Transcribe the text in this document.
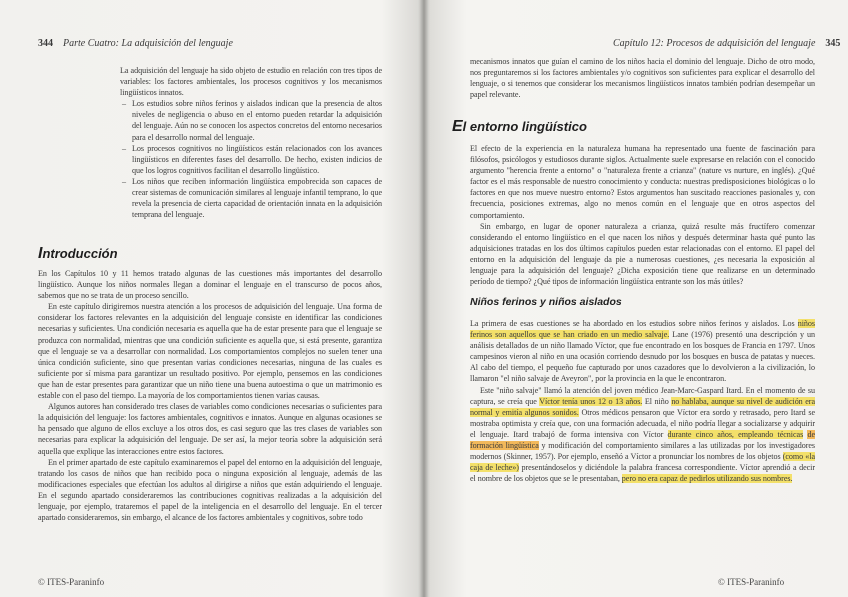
344 Parte Cuatro: La adquisición del lenguaje

La adquisición del lenguaje ha sido objeto de estudio en relación con tres tipos de variables: los factores ambientales, los procesos cognitivos y los mecanismos lingüísticos innatos.

– Los estudios sobre niños ferinos y aislados indican que la presencia de altos niveles de negligencia o abuso en el entorno pueden retardar la adquisición del lenguaje. Aún no se conocen los aspectos concretos del entorno necesarios para el desarrollo normal del lenguaje.
– Los procesos cognitivos no lingüísticos están relacionados con los avances lingüísticos en diferentes fases del desarrollo. De hecho, existen indicios de que los logros cognitivos facilitan el desarrollo lingüístico.
– Los niños que reciben información lingüística empobrecida son capaces de crear sistemas de comunicación similares al lenguaje infantil temprano, lo que revela la presencia de cierta capacidad de orientación innata en la adquisición temprana del lenguaje.
Introducción

En los Capítulos 10 y 11 hemos tratado algunas de las cuestiones más importantes del desarrollo lingüístico. Aunque los niños normales llegan a dominar el lenguaje en el transcurso de pocos años, sabemos que no se trata de un proceso sencillo.

En este capítulo dirigiremos nuestra atención a los procesos de adquisición del lenguaje. Una forma de considerar los factores relevantes en la adquisición del lenguaje consiste en identificar las condiciones necesarias y suficientes. Una condición necesaria es aquella que ha de estar presente para que el lenguaje se produzca con normalidad, mientras que una condición suficiente es aquella que, si está presente, garantiza que el lenguaje se va a desarrollar con normalidad. Los comportamientos complejos no suelen tener una única condición suficiente, sino que presentan varias condiciones necesarias, ninguna de las cuales es suficiente por sí misma para garantizar un resultado positivo. Por ejemplo, pensemos en las condiciones que han de estar presentes para garantizar que un niño tiene una buena autoestima o que un matrimonio es estable con el paso del tiempo. La mayoría de los comportamientos tienen varias causas.

Algunos autores han considerado tres clases de variables como condiciones necesarias o suficientes para la adquisición del lenguaje: los factores ambientales, cognitivos e innatos. Aunque en algunas ocasiones se ha pensado que alguno de ellos excluye a los otros dos, es casi seguro que las tres clases de variables son necesarias para explicar la adquisición del lenguaje. De ser así, la mejor teoría sobre la adquisición será aquella que explique las interacciones entre estos factores.

En el primer apartado de este capítulo examinaremos el papel del entorno en la adquisición del lenguaje, tratando los casos de niños que han recibido poca o ninguna exposición al lenguaje, además de las modificaciones especiales que efectúan los adultos al dirigirse a niños que están adquiriendo el lenguaje. En el segundo apartado consideraremos las contribuciones cognitivas realizadas a la adquisición del lenguaje, por ejemplo, trataremos el papel de la inteligencia en el desarrollo del lenguaje. En el tercer apartado consideraremos, sin embargo, el alcance de los factores ambientales y cognitivos, sobre todo

© ITES-Paraninfo
Capítulo 12: Procesos de adquisición del lenguaje 345

mecanismos innatos que guían el camino de los niños hacia el dominio del lenguaje. Dicho de otro modo, nos preguntaremos si los factores ambientales y/o cognitivos son suficientes para explicar el desarrollo del lenguaje, o si tenemos que considerar los mecanismos lingüísticos innatos también podrían desempeñar un papel relevante.

El entorno lingüístico

El efecto de la experiencia en la naturaleza humana ha representado una fuente de fascinación para filósofos, psicólogos y estudiosos durante siglos. Actualmente suele expresarse en relación con el conocido argumento "herencia frente a entorno" o "naturaleza frente a crianza" (nature vs nurture, en inglés). ¿Qué factor es el más responsable de nuestro conocimiento y conducta: nuestras predisposiciones biológicas o lo factores en que nos mueve nuestro entorno? Estos argumentos han suscitado reacciones pasionales y, con frecuencia, posiciones extremas, algo no menos común en el lenguaje que en otros aspectos del comportamiento.

Sin embargo, en lugar de oponer naturaleza a crianza, quizá resulte más fructífero comenzar considerando el entorno lingüístico en el que nacen los niños y después determinar hasta qué punto las adquisiciones tratadas en los dos últimos capítulos pueden estar relacionadas con el entorno. El papel del entorno en la adquisición del lenguaje da pie a numerosas cuestiones, ¿es necesaria la exposición al lenguaje para la adquisición del lenguaje? ¿Dicha exposición tiene que realizarse en un determinado período de tiempo? ¿Qué tipos de información lingüística entrante son los más útiles?

Niños ferinos y niños aislados

La primera de esas cuestiones se ha abordado en los estudios sobre niños ferinos y aislados. Los niños ferinos son aquellos que se han criado en un medio salvaje. Lane (1976) presentó una descripción y un análisis detallados de un niño llamado Víctor, que fue encontrado en los bosques de Francia en 1797. Unos campesinos vieron al niño en una ocasión corriendo desnudo por los bosques en busca de patatas y nueces. Al cabo del tiempo, el pequeño fue capturado por unos cazadores que lo devolvieron a la civilización, lo llamaron "el niño salvaje de Aveyron", por la provincia en la que le encontraron.

Este "niño salvaje" llamó la atención del joven médico Jean-Marc-Gaspard Itard. En el momento de su captura, se creía que Víctor tenía unos 12 o 13 años. El niño no hablaba, aunque su nivel de audición era normal y emitía algunos sonidos. Otros médicos pensaron que Víctor era sordo y retrasado, pero Itard se mostraba optimista y creía que, con una formación adecuada, el niño podría llegar a socializarse y adquirir el lenguaje. Itard trabajó de forma intensiva con Víctor durante cinco años, empleando técnicas de formación lingüística y modificación del comportamiento similares a las utilizadas por los investigadores modernos (Skinner, 1957). Por ejemplo, enseñó a Víctor a pronunciar los nombres de los objetos (como «la caja de leche») presentándoselos y diciéndole la palabra francesa correspondiente. Víctor aprendió a decir el nombre de los objetos que se le presentaban, pero no era capaz de pedirlos utilizando sus nombres.

© ITES-Paraninfo
